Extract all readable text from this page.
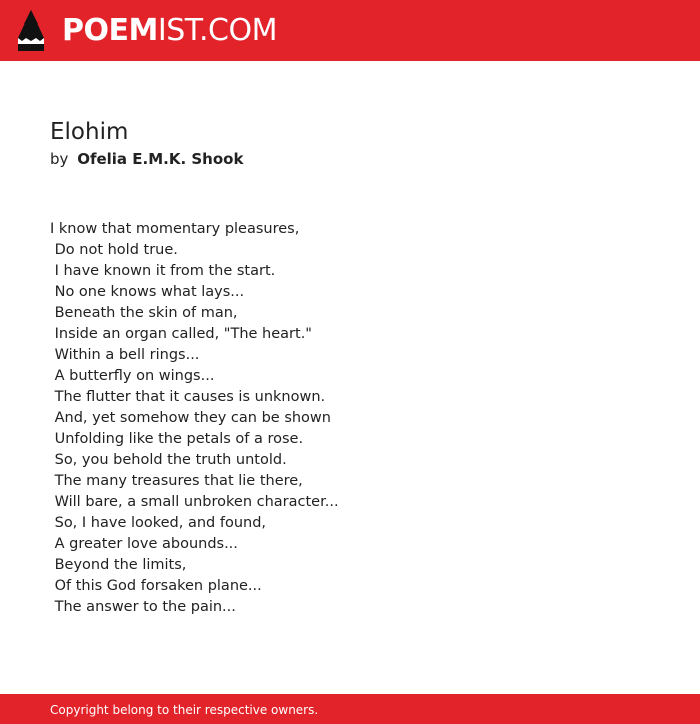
POEMIST.COM
Elohim
by Ofelia E.M.K. Shook
I know that momentary pleasures,
Do not hold true.
I have known it from the start.
No one knows what lays...
Beneath the skin of man,
Inside an organ called, "The heart."
Within a bell rings...
A butterfly on wings...
The flutter that it causes is unknown.
And, yet somehow they can be shown
Unfolding like the petals of a rose.
So, you behold the truth untold.
The many treasures that lie there,
Will bare, a small unbroken character...
So, I have looked, and found,
A greater love abounds...
Beyond the limits,
Of this God forsaken plane...
The answer to the pain...
Copyright belong to their respective owners.
